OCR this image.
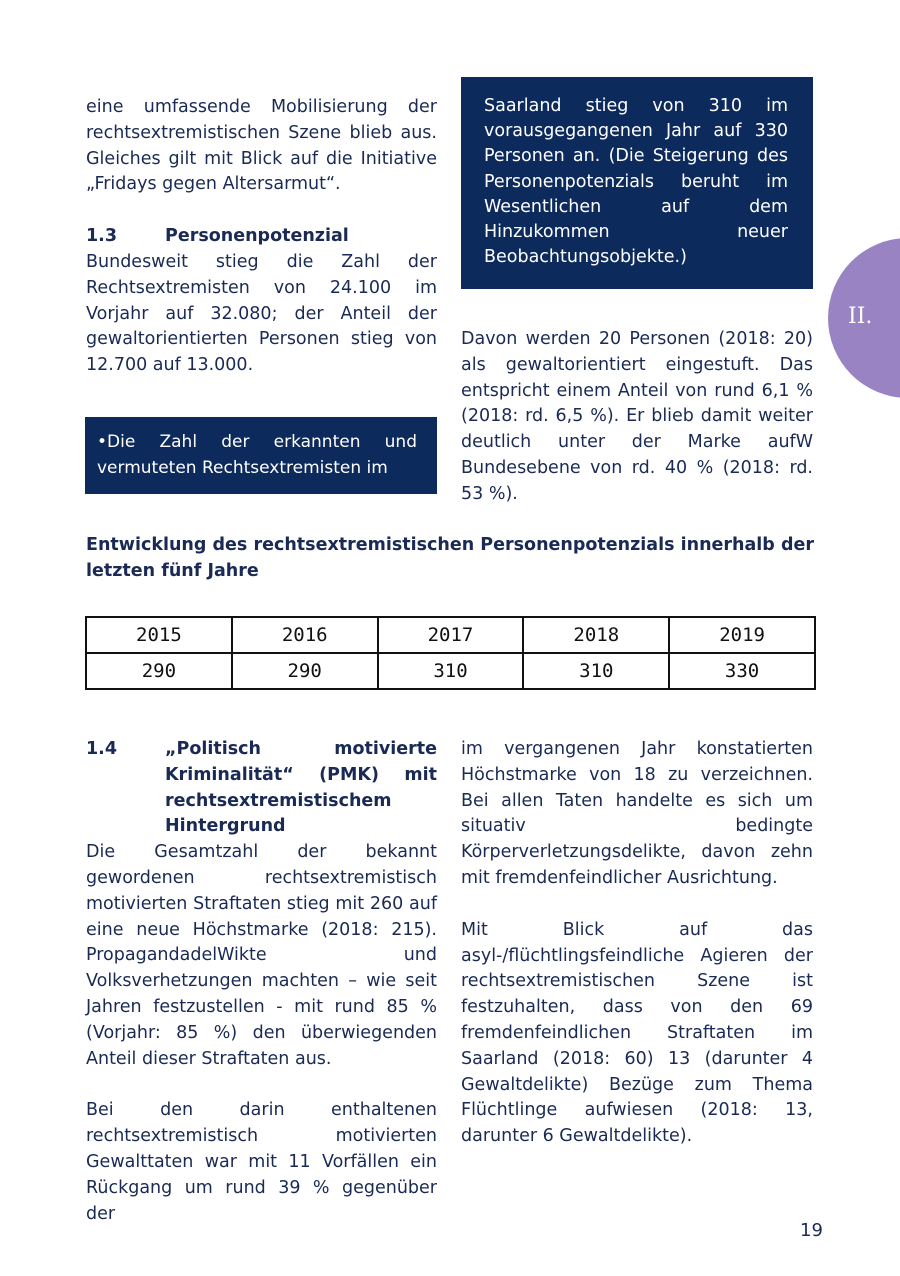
II.

eine umfassende Mobilisierung der rechtsextremistischen Szene blieb aus. Gleiches gilt mit Blick auf die Initiative „Fridays gegen Altersarmut“.

1.3	Personenpotenzial

Bundesweit stieg die Zahl der Rechtsextremisten von 24.100 im Vorjahr auf 32.080; der Anteil der gewaltorientierten Personen stieg von 12.700 auf 13.000.

•Die Zahl der erkannten und vermuteten Rechtsextremisten im
Saarland stieg von 310 im vorausgegangenen Jahr auf 330 Personen an. (Die Steigerung des Personenpotenzials beruht im Wesentlichen auf dem Hinzukommen neuer Beobachtungsobjekte.)

Davon werden 20 Personen (2018: 20) als gewaltorientiert eingestuft. Das entspricht einem Anteil von rund 6,1 % (2018: rd. 6,5 %). Er blieb damit weiter deutlich unter der Marke aufW Bundesebene von rd. 40 % (2018: rd. 53 %).

Entwicklung des rechtsextremistischen Personenpotenzials innerhalb der letzten fünf Jahre
2015	2016	2017	2018	2019
290	290	310	310	330
1.4	„Politisch motivierte Kriminalität“ (PMK) mit rechtsextremistischem Hintergrund

Die Gesamtzahl der bekannt gewordenen rechtsextremistisch motivierten Straftaten stieg mit 260 auf eine neue Höchstmarke (2018: 215). PropagandadelWikte und Volksverhetzungen machten – wie seit Jahren festzustellen - mit rund 85 % (Vorjahr: 85 %) den überwiegenden Anteil dieser Straftaten aus.

Bei den darin enthaltenen rechtsextremistisch motivierten Gewalttaten war mit 11 Vorfällen ein Rückgang um rund 39 % gegenüber der

im vergangenen Jahr konstatierten Höchstmarke von 18 zu verzeichnen. Bei allen Taten handelte es sich um situativ bedingte Körperverletzungsdelikte, davon zehn mit fremdenfeindlicher Ausrichtung.

Mit Blick auf das asyl-/flüchtlingsfeindliche Agieren der rechtsextremistischen Szene ist festzuhalten, dass von den 69 fremdenfeindlichen Straftaten im Saarland (2018: 60) 13 (darunter 4 Gewaltdelikte) Bezüge zum Thema Flüchtlinge aufwiesen (2018: 13, darunter 6 Gewaltdelikte).

19
